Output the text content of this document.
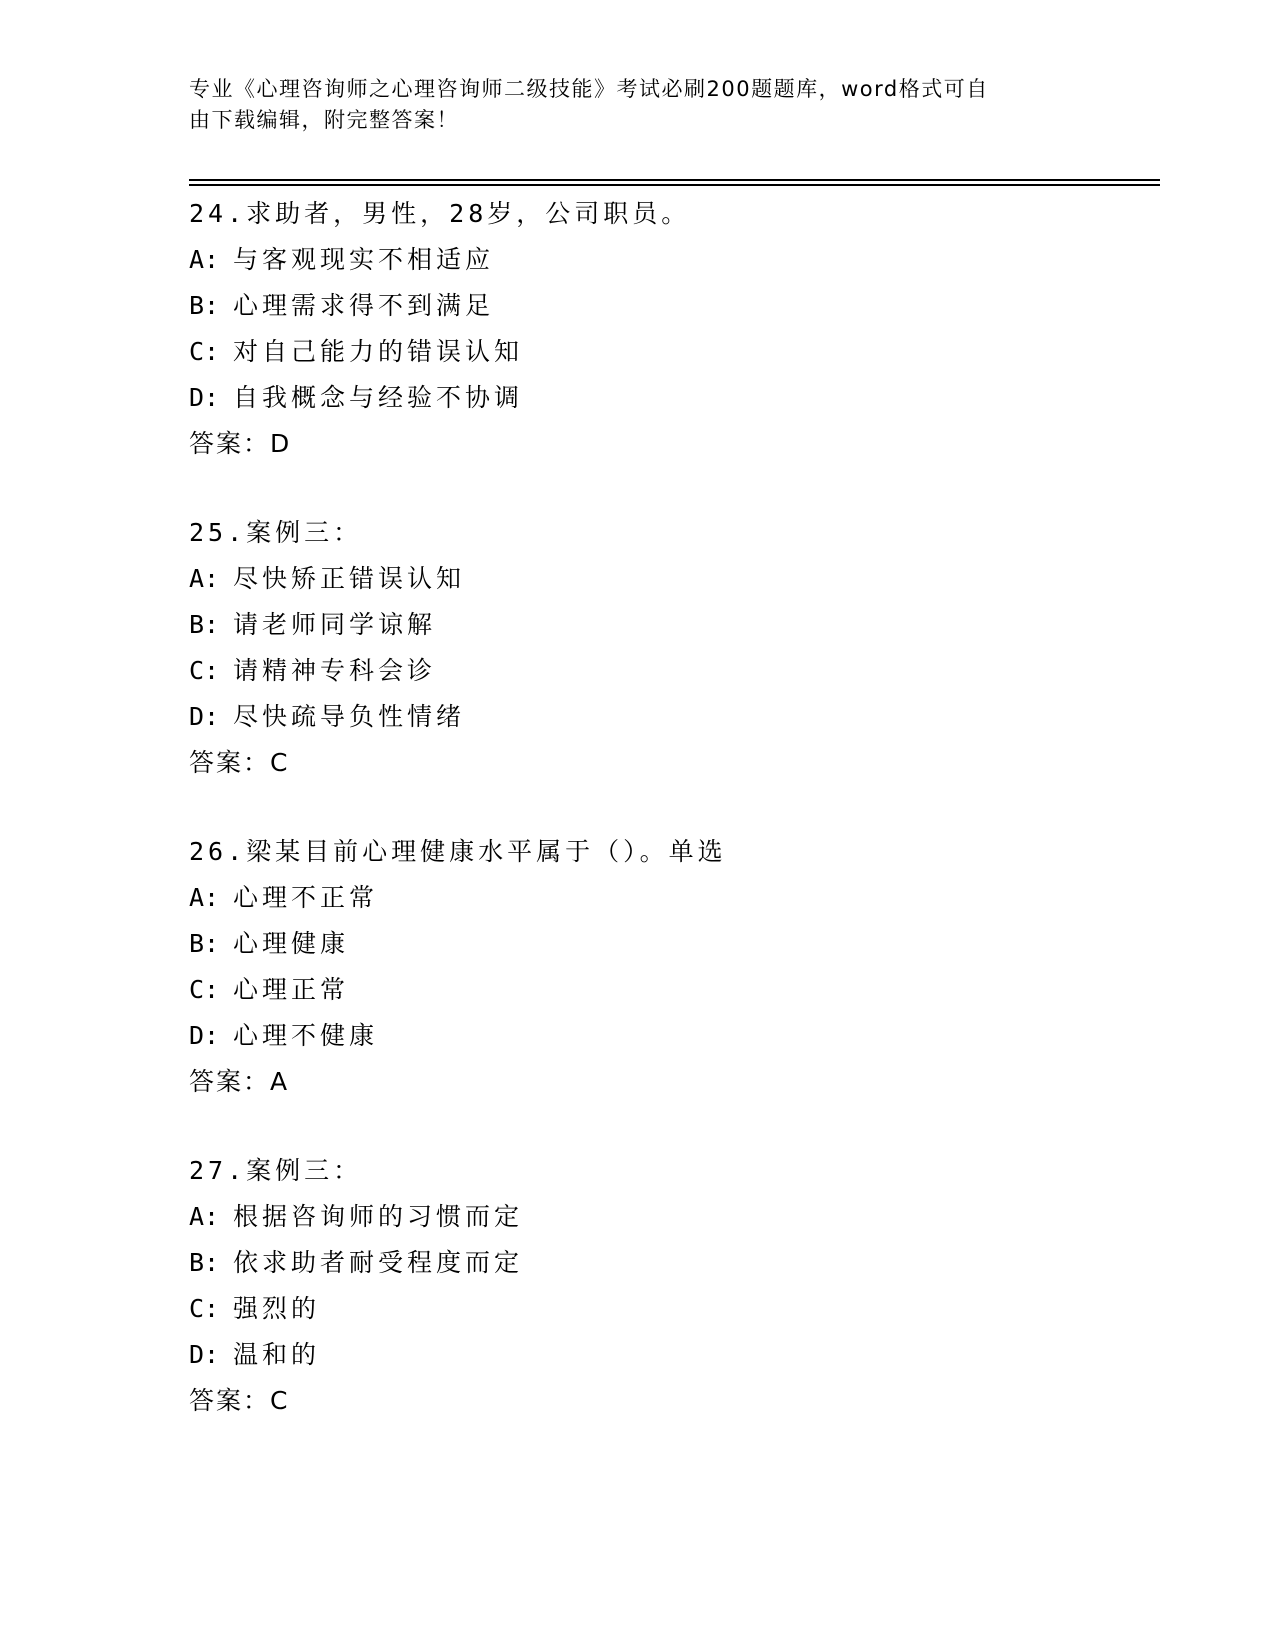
专业《心理咨询师之心理咨询师二级技能》考试必刷200题题库，word格式可自
由下载编辑，附完整答案！
24.求助者，男性，28岁，公司职员。
A: 与客观现实不相适应
B: 心理需求得不到满足
C: 对自己能力的错误认知
D: 自我概念与经验不协调
答案：D
25.案例三：
A: 尽快矫正错误认知
B: 请老师同学谅解
C: 请精神专科会诊
D: 尽快疏导负性情绪
答案：C
26.梁某目前心理健康水平属于（）。单选
A: 心理不正常
B: 心理健康
C: 心理正常
D: 心理不健康
答案：A
27.案例三：
A: 根据咨询师的习惯而定
B: 依求助者耐受程度而定
C: 强烈的
D: 温和的
答案：C
